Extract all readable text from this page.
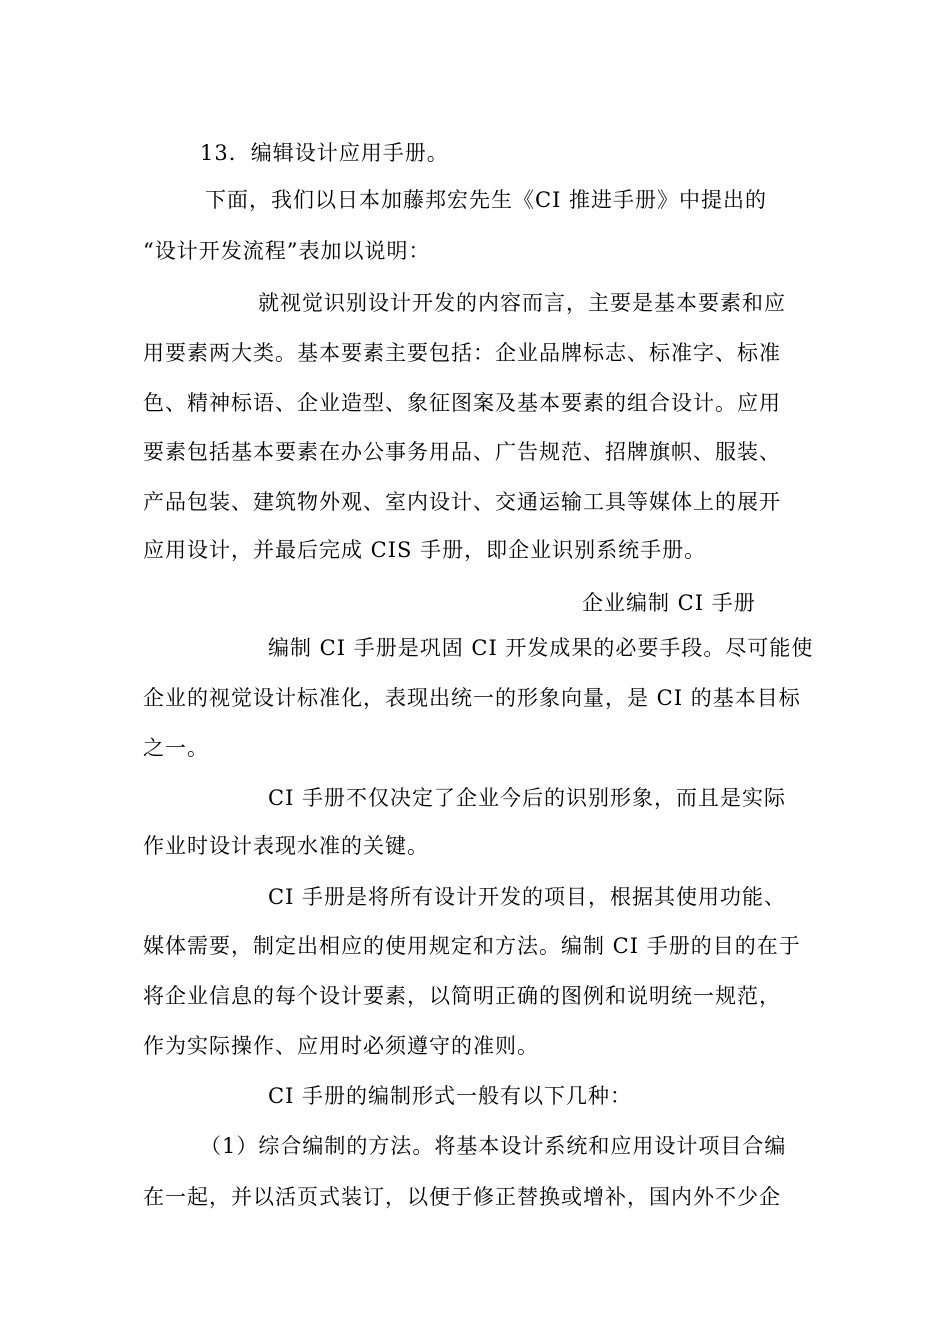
13．编辑设计应用手册。
下面，我们以日本加藤邦宏先生《CI 推进手册》中提出的
“设计开发流程”表加以说明：
就视觉识别设计开发的内容而言，主要是基本要素和应
用要素两大类。基本要素主要包括：企业品牌标志、标准字、标准
色、精神标语、企业造型、象征图案及基本要素的组合设计。应用
要素包括基本要素在办公事务用品、广告规范、招牌旗帜、服装、
产品包装、建筑物外观、室内设计、交通运输工具等媒体上的展开
应用设计，并最后完成 CIS 手册，即企业识别系统手册。
企业编制 CI 手册
编制 CI 手册是巩固 CI 开发成果的必要手段。尽可能使
企业的视觉设计标准化，表现出统一的形象向量，是 CI 的基本目标
之一。
CI 手册不仅决定了企业今后的识别形象，而且是实际
作业时设计表现水准的关键。
CI 手册是将所有设计开发的项目，根据其使用功能、
媒体需要，制定出相应的使用规定和方法。编制 CI 手册的目的在于
将企业信息的每个设计要素，以简明正确的图例和说明统一规范，
作为实际操作、应用时必须遵守的准则。
CI 手册的编制形式一般有以下几种：
（1）综合编制的方法。将基本设计系统和应用设计项目合编
在一起，并以活页式装订，以便于修正替换或增补，国内外不少企
